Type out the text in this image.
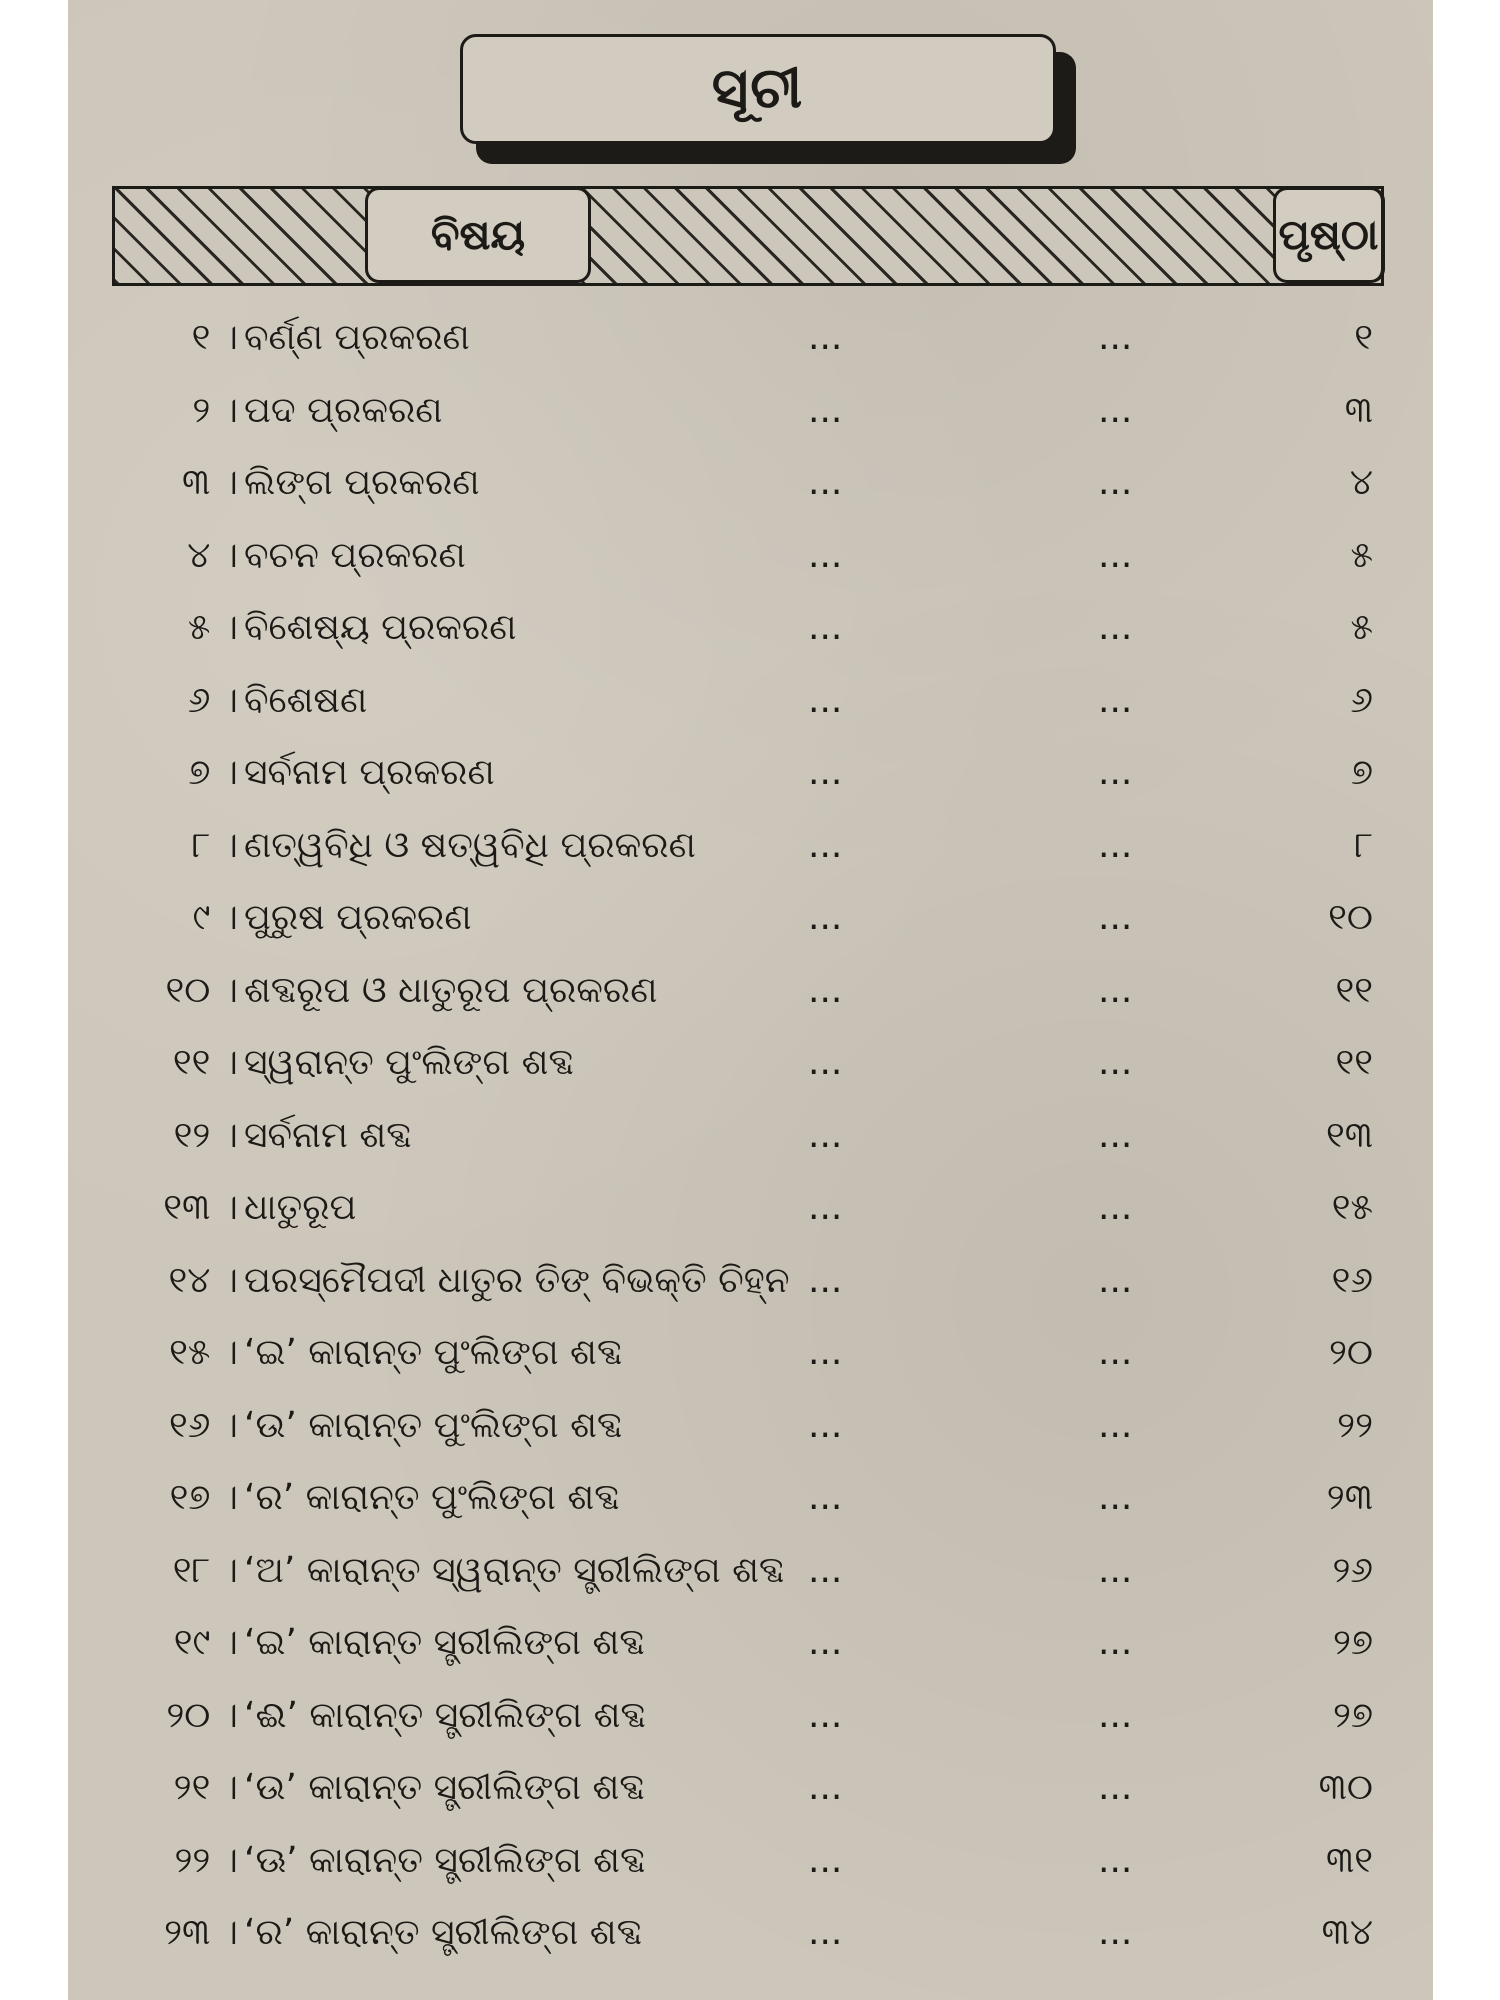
ସୂଚୀ
ବିଷୟ	ପୃଷ୍ଠା
୧ । ବର୍ଣ୍ଣ ପ୍ରକରଣ	...	...	୧
୨ । ପଦ ପ୍ରକରଣ	...	...	୩
୩ । ଲିଙ୍ଗ ପ୍ରକରଣ	...	...	୪
୪ । ବଚନ ପ୍ରକରଣ	...	...	୫
୫ । ବିଶେଷ୍ୟ ପ୍ରକରଣ	...	...	୫
୬ । ବିଶେଷଣ	...	...	୬
୭ । ସର୍ବନାମ ପ୍ରକରଣ	...	...	୭
୮ । ଣତ୍ୱବିଧି ଓ ଷତ୍ୱବିଧି ପ୍ରକରଣ	...	...	୮
୯ । ପୁରୁଷ ପ୍ରକରଣ	...	...	୧୦
୧୦ । ଶବ୍ଦରୂପ ଓ ଧାତୁରୂପ ପ୍ରକରଣ	...	...	୧୧
୧୧ । ସ୍ୱରାନ୍ତ ପୁଂଲିଙ୍ଗ ଶବ୍ଦ	...	...	୧୧
୧୨ । ସର୍ବନାମ ଶବ୍ଦ	...	...	୧୩
୧୩ । ଧାତୁରୂପ	...	...	୧୫
୧୪ । ପରସ୍ମୈପଦୀ ଧାତୁର ତିଙ୍ ବିଭକ୍ତି ଚିହ୍ନ ...	...	୧୬
୧୫ । ‘ଇ’ କାରାନ୍ତ ପୁଂଲିଙ୍ଗ ଶବ୍ଦ	...	...	୨୦
୧୬ । ‘ଉ’ କାରାନ୍ତ ପୁଂଲିଙ୍ଗ ଶବ୍ଦ	...	...	୨୨
୧୭ । ‘ର’ କାରାନ୍ତ ପୁଂଲିଙ୍ଗ ଶବ୍ଦ	...	...	୨୩
୧୮ । ‘ଅ’ କାରାନ୍ତ ସ୍ୱରାନ୍ତ ସ୍ତ୍ରୀଲିଙ୍ଗ ଶବ୍ଦ ...	...	୨୬
୧୯ । ‘ଇ’ କାରାନ୍ତ ସ୍ତ୍ରୀଲିଙ୍ଗ ଶବ୍ଦ	...	...	୨୭
୨୦ । ‘ଈ’ କାରାନ୍ତ ସ୍ତ୍ରୀଲିଙ୍ଗ ଶବ୍ଦ	...	...	୨୭
୨୧ । ‘ଉ’ କାରାନ୍ତ ସ୍ତ୍ରୀଲିଙ୍ଗ ଶବ୍ଦ	...	...	୩୦
୨୨ । ‘ଊ’ କାରାନ୍ତ ସ୍ତ୍ରୀଲିଙ୍ଗ ଶବ୍ଦ	...	...	୩୧
୨୩ । ‘ର’ କାରାନ୍ତ ସ୍ତ୍ରୀଲିଙ୍ଗ ଶବ୍ଦ	...	...	୩୪
